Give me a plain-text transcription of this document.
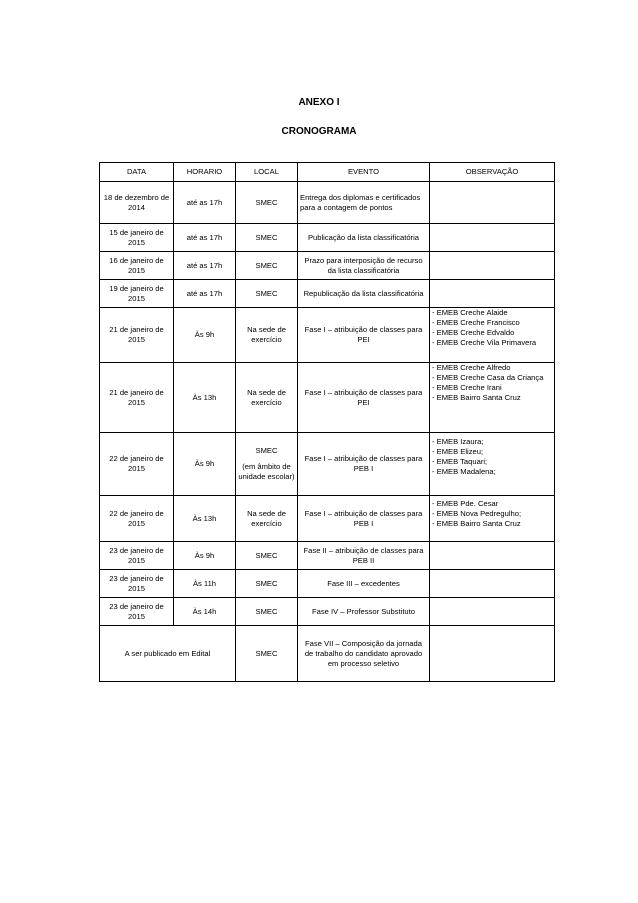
ANEXO I
CRONOGRAMA
DATA	HORARIO	LOCAL	EVENTO	OBSERVAÇÃO
18 de dezembro de 2014	até as 17h	SMEC	Entrega dos diplomas e certificados para a contagem de pontos	
15 de janeiro de 2015	até as 17h	SMEC	Publicação da lista classificatória	
16 de janeiro de 2015	até as 17h	SMEC	Prazo para interposição de recurso da lista classificatória	
19 de janeiro de 2015	até as 17h	SMEC	Republicação da lista classificatória	
21 de janeiro de 2015	Às 9h	Na sede de exercício	Fase I – atribuição de classes para PEI	- EMEB Creche Alaide
- EMEB Creche Francisco
- EMEB Creche Edvaldo
- EMEB Creche Vila Primavera

21 de janeiro de 2015	Às 13h	Na sede de exercício	Fase I – atribuição de classes para PEI	- EMEB Creche Alfredo
- EMEB Creche Casa da Criança
- EMEB Creche Irani
- EMEB Bairro Santa Cruz

22 de janeiro de 2015	Às 9h	SMEC
(em âmbito de unidade escolar)	Fase I – atribuição de classes para PEB I	- EMEB Izaura;
- EMEB Elizeu;
- EMEB Taquari;
- EMEB Madalena;

22 de janeiro de 2015	Às 13h	Na sede de exercício	Fase I – atribuição de classes para PEB I	- EMEB Pde. Cesar
- EMEB Nova Pedregulho;
- EMEB Bairro Santa Cruz

23 de janeiro de 2015	Às 9h	SMEC	Fase II – atribuição de classes para PEB II	
23 de janeiro de 2015	Às 11h	SMEC	Fase III – excedentes	
23 de janeiro de 2015	Às 14h	SMEC	Fase IV – Professor Substituto	
A ser publicado em Edital		SMEC	Fase VII – Composição da jornada de trabalho do candidato aprovado em processo seletivo	
